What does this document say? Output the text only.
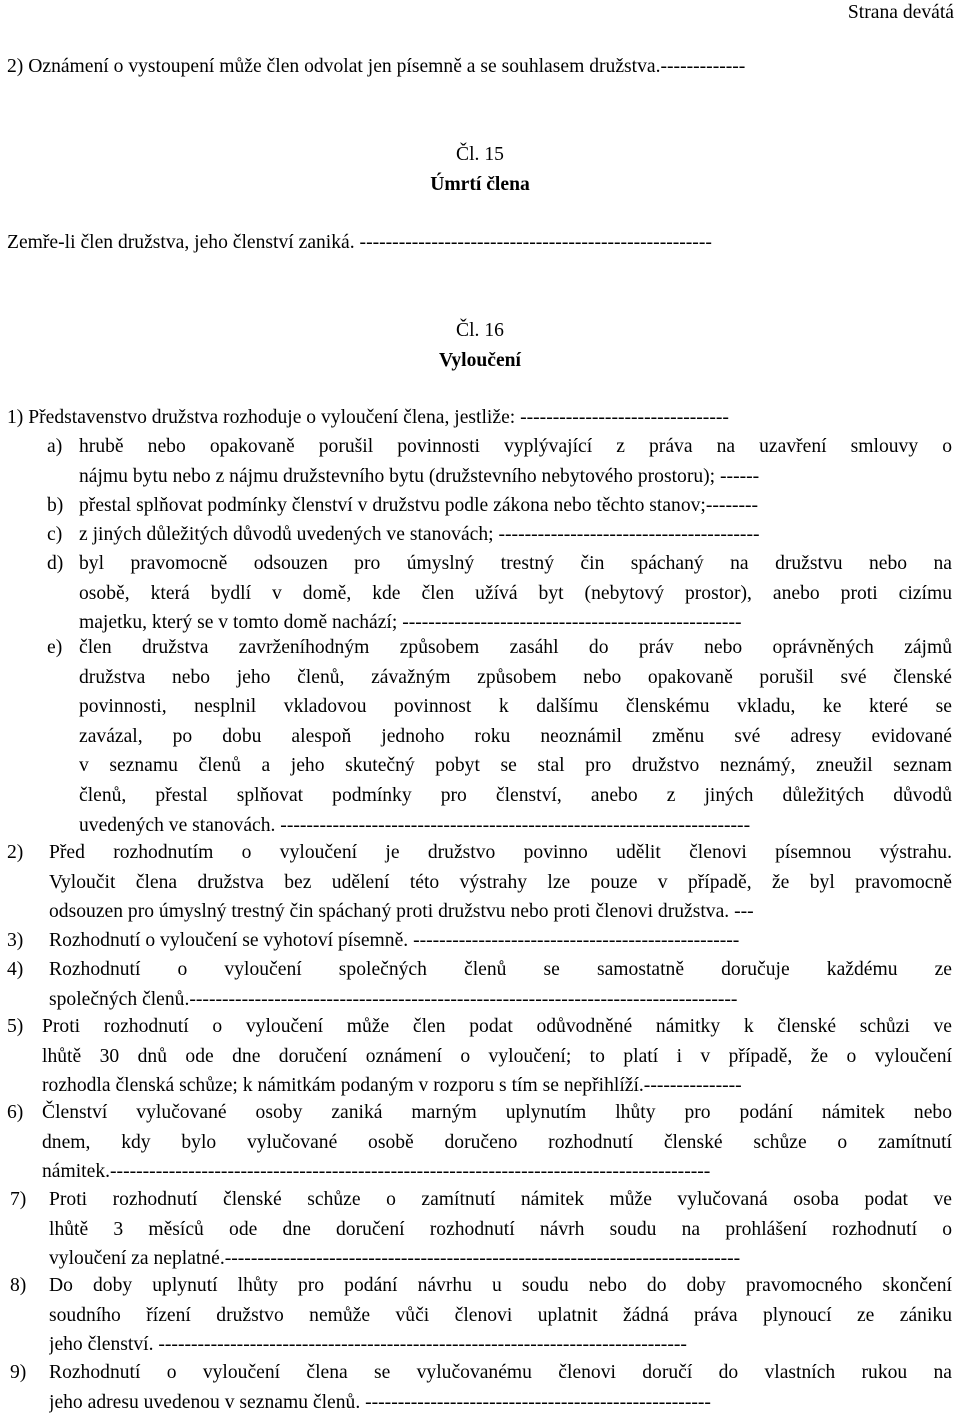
Strana devátá
2) Oznámení o vystoupení může člen odvolat jen písemně a se souhlasem družstva.-------------
Čl. 15
Úmrtí člena
Zemře-li člen družstva, jeho členství zaniká. ------------------------------------------------------
Čl. 16
Vyloučení
1) Představenstvo družstva rozhoduje o vyloučení člena, jestliže: --------------------------------
a) hrubě nebo opakovaně porušil povinnosti vyplývající z práva na uzavření smlouvy o
nájmu bytu nebo z nájmu družstevního bytu (družstevního nebytového prostoru); ------
b) přestal splňovat podmínky členství v družstvu podle zákona nebo těchto stanov;--------
c) z jiných důležitých důvodů uvedených ve stanovách; ----------------------------------------
d) byl pravomocně odsouzen pro úmyslný trestný čin spáchaný na družstvu nebo na
osobě, která bydlí v domě, kde člen užívá byt (nebytový prostor), anebo proti cizímu
majetku, který se v tomto domě nachází; ----------------------------------------------------
e) člen družstva zavrženíhodným způsobem zasáhl do práv nebo oprávněných zájmů
družstva nebo jeho členů, závažným způsobem nebo opakovaně porušil své členské
povinnosti, nesplnil vkladovou povinnost k dalšímu členskému vkladu, ke které se
zavázal, po dobu alespoň jednoho roku neoznámil změnu své adresy evidované
v seznamu členů a jeho skutečný pobyt se stal pro družstvo neznámý, zneužil seznam
členů, přestal splňovat podmínky pro členství, anebo z jiných důležitých důvodů
uvedených ve stanovách. ------------------------------------------------------------------------
2) Před rozhodnutím o vyloučení je družstvo povinno udělit členovi písemnou výstrahu.
Vyloučit člena družstva bez udělení této výstrahy lze pouze v případě, že byl pravomocně
odsouzen pro úmyslný trestný čin spáchaný proti družstvu nebo proti členovi družstva. ---
3) Rozhodnutí o vyloučení se vyhotoví písemně. --------------------------------------------------
4) Rozhodnutí o vyloučení společných členů se samostatně doručuje každému ze
společných členů.------------------------------------------------------------------------------------
5) Proti rozhodnutí o vyloučení může člen podat odůvodněné námitky k členské schůzi ve
lhůtě 30 dnů ode dne doručení oznámení o vyloučení; to platí i v případě, že o vyloučení
rozhodla členská schůze; k námitkám podaným v rozporu s tím se nepřihlíží.---------------
6) Členství vylučované osoby zaniká marným uplynutím lhůty pro podání námitek nebo
dnem, kdy bylo vylučované osobě doručeno rozhodnutí členské schůze o zamítnutí
námitek.--------------------------------------------------------------------------------------------
7) Proti rozhodnutí členské schůze o zamítnutí námitek může vylučovaná osoba podat ve
lhůtě 3 měsíců ode dne doručení rozhodnutí návrh soudu na prohlášení rozhodnutí o
vyloučení za neplatné.-------------------------------------------------------------------------------
8) Do doby uplynutí lhůty pro podání návrhu u soudu nebo do doby pravomocného skončení
soudního řízení družstvo nemůže vůči členovi uplatnit žádná práva plynoucí ze zániku
jeho členství. ---------------------------------------------------------------------------------
9) Rozhodnutí o vyloučení člena se vylučovanému členovi doručí do vlastních rukou na
jeho adresu uvedenou v seznamu členů. -----------------------------------------------------
